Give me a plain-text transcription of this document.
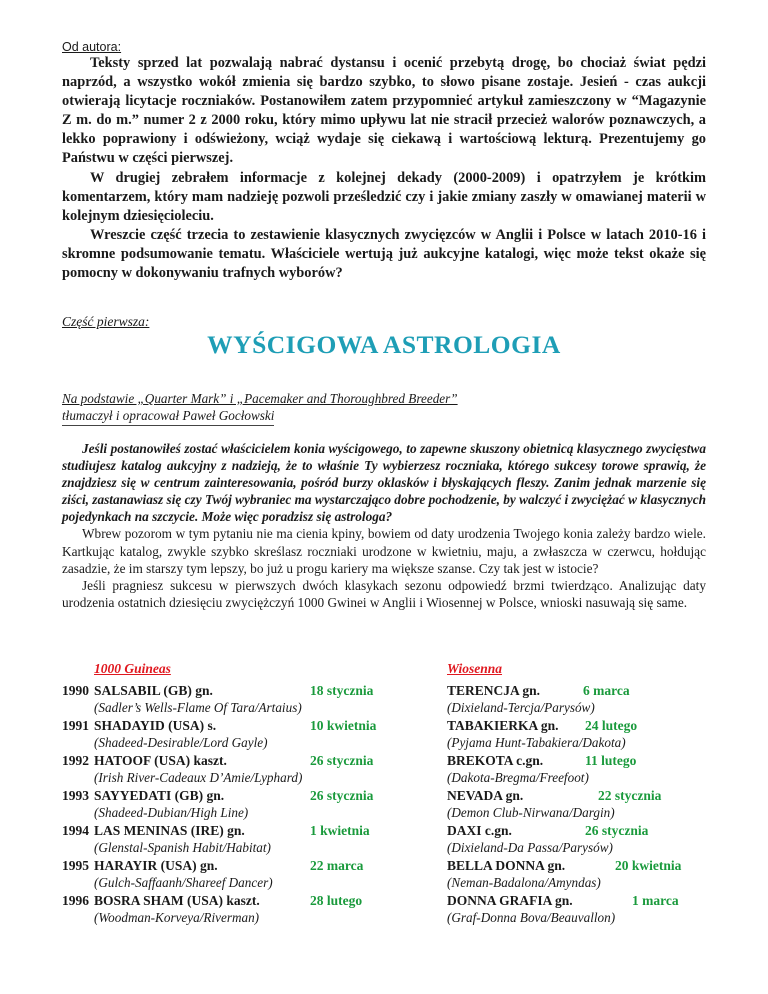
Od autora:

Teksty sprzed lat pozwalają nabrać dystansu i ocenić przebytą drogę, bo chociaż świat pędzi naprzód, a wszystko wokół zmienia się bardzo szybko, to słowo pisane zostaje. Jesień - czas aukcji otwierają licytacje roczniaków. Postanowiłem zatem przypomnieć artykuł zamieszczony w “Magazynie Z m. do m.” numer 2 z 2000 roku, który mimo upływu lat nie stracił przecież walorów poznawczych, a lekko poprawiony i odświeżony, wciąż wydaje się ciekawą i wartościową lekturą. Prezentujemy go Państwu w części pierwszej.

W drugiej zebrałem informacje z kolejnej dekady (2000-2009) i opatrzyłem je krótkim komentarzem, który mam nadzieję pozwoli prześledzić czy i jakie zmiany zaszły w omawianej materii w kolejnym dziesięcioleciu.

Wreszcie część trzecia to zestawienie klasycznych zwycięzców w Anglii i Polsce w latach 2010-16 i skromne podsumowanie tematu. Właściciele wertują już aukcyjne katalogi, więc może tekst okaże się pomocny w dokonywaniu trafnych wyborów?

Część pierwsza:

WYŚCIGOWA ASTROLOGIA
Na podstawie „Quarter Mark” i „Pacemaker and Thoroughbred Breeder”
tłumaczył i opracował Paweł Gocłowski

Jeśli postanowiłeś zostać właścicielem konia wyścigowego, to zapewne skuszony obietnicą klasycznego zwycięstwa studiujesz katalog aukcyjny z nadzieją, że to właśnie Ty wybierzesz roczniaka, którego sukcesy torowe sprawią, że znajdziesz się w centrum zainteresowania, pośród burzy oklasków i błyskających fleszy. Zanim jednak marzenie się ziści, zastanawiasz się czy Twój wybraniec ma wystarczająco dobre pochodzenie, by walczyć i zwyciężać w klasycznych pojedynkach na szczycie. Może więc poradzisz się astrologa?

Wbrew pozorom w tym pytaniu nie ma cienia kpiny, bowiem od daty urodzenia Twojego konia zależy bardzo wiele. Kartkując katalog, zwykle szybko skreślasz roczniaki urodzone w kwietniu, maju, a zwłaszcza w czerwcu, hołdując zasadzie, że im starszy tym lepszy, bo już u progu kariery ma większe szanse. Czy tak jest w istocie?

Jeśli pragniesz sukcesu w pierwszych dwóch klasykach sezonu odpowiedź brzmi twierdząco. Analizując daty urodzenia ostatnich dziesięciu zwyciężczyń 1000 Gwinei w Anglii i Wiosennej w Polsce, wnioski nasuwają się same.

1000 Guineas	Wiosenna

1990 SALSABIL (GB) gn.	18 stycznia
(Sadler’s Wells-Flame Of Tara/Artaius)
1991 SHADAYID (USA) s.	10 kwietnia
(Shadeed-Desirable/Lord Gayle)
1992 HATOOF (USA) kaszt.	26 stycznia
(Irish River-Cadeaux D’Amie/Lyphard)
1993 SAYYEDATI (GB) gn.	26 stycznia
(Shadeed-Dubian/High Line)
1994 LAS MENINAS (IRE) gn.	1 kwietnia
(Glenstal-Spanish Habit/Habitat)
1995 HARAYIR (USA) gn.	22 marca
(Gulch-Saffaanh/Shareef Dancer)
1996 BOSRA SHAM (USA) kaszt.	28 lutego
(Woodman-Korveya/Riverman)
TERENCJA gn.	6 marca
(Dixieland-Tercja/Parysów)
TABAKIERKA gn. 24 lutego
(Pyjama Hunt-Tabakiera/Dakota)
BREKOTA c.gn.	11 lutego
(Dakota-Bregma/Freefoot)
NEVADA gn.	22 stycznia
(Demon Club-Nirwana/Dargin)
DAXI c.gn.	26 stycznia
(Dixieland-Da Passa/Parysów)
BELLA DONNA gn.	20 kwietnia
(Neman-Badalona/Amyndas)
DONNA GRAFIA gn.	1 marca
(Graf-Donna Bova/Beauvallon)
